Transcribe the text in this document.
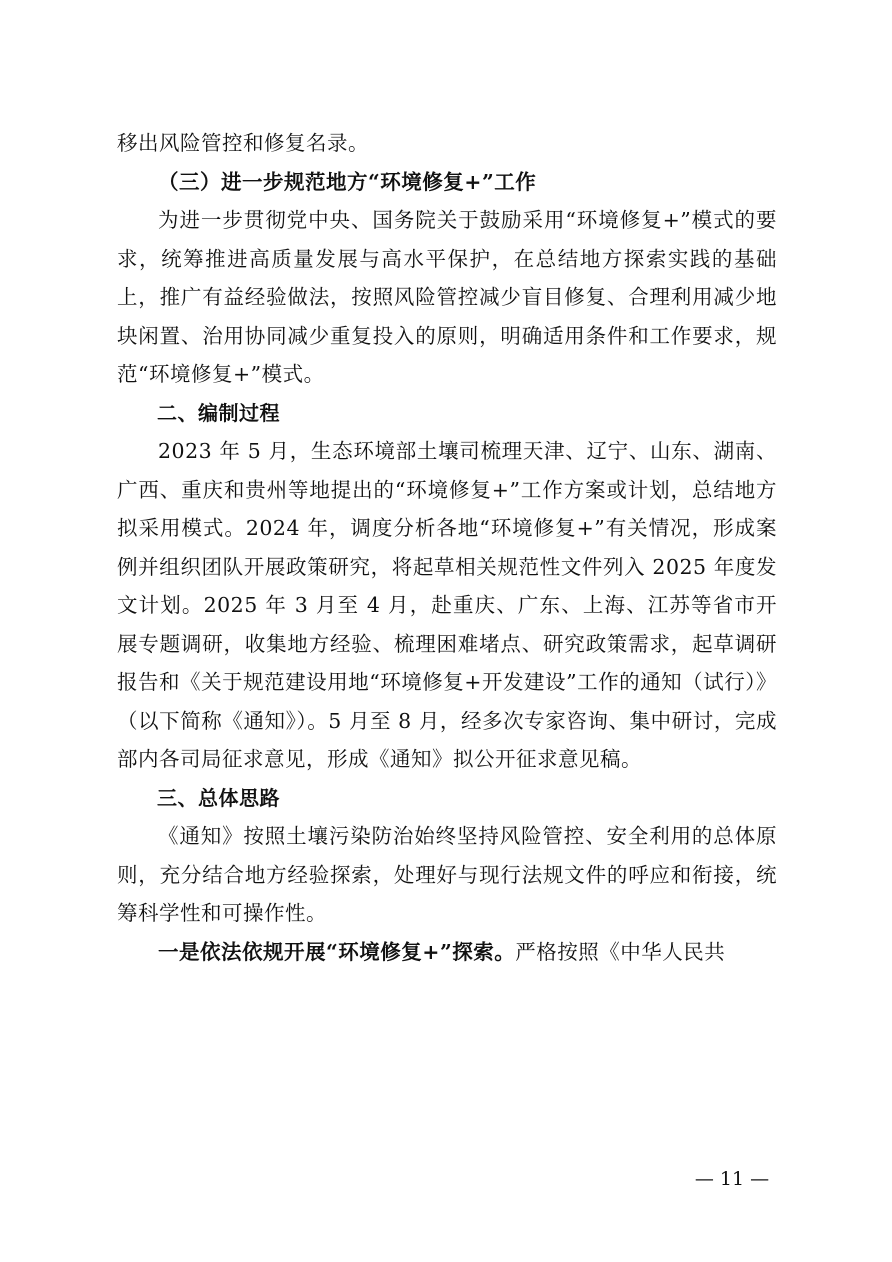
移出风险管控和修复名录。

（三）进一步规范地方“环境修复+”工作

为进一步贯彻党中央、国务院关于鼓励采用“环境修复+”模式的要求，统筹推进高质量发展与高水平保护，在总结地方探索实践的基础上，推广有益经验做法，按照风险管控减少盲目修复、合理利用减少地块闲置、治用协同减少重复投入的原则，明确适用条件和工作要求，规范“环境修复+”模式。

二、编制过程

2023 年 5 月，生态环境部土壤司梳理天津、辽宁、山东、湖南、广西、重庆和贵州等地提出的“环境修复+”工作方案或计划，总结地方拟采用模式。2024 年，调度分析各地“环境修复+”有关情况，形成案例并组织团队开展政策研究，将起草相关规范性文件列入 2025 年度发文计划。2025 年 3 月至 4 月，赴重庆、广东、上海、江苏等省市开展专题调研，收集地方经验、梳理困难堵点、研究政策需求，起草调研报告和《关于规范建设用地“环境修复+开发建设”工作的通知（试行）》（以下简称《通知》）。5 月至 8 月，经多次专家咨询、集中研讨，完成部内各司局征求意见，形成《通知》拟公开征求意见稿。

三、总体思路

《通知》按照土壤污染防治始终坚持风险管控、安全利用的总体原则，充分结合地方经验探索，处理好与现行法规文件的呼应和衔接，统筹科学性和可操作性。

一是依法依规开展“环境修复+”探索。严格按照《中华人民共

— 11 —
